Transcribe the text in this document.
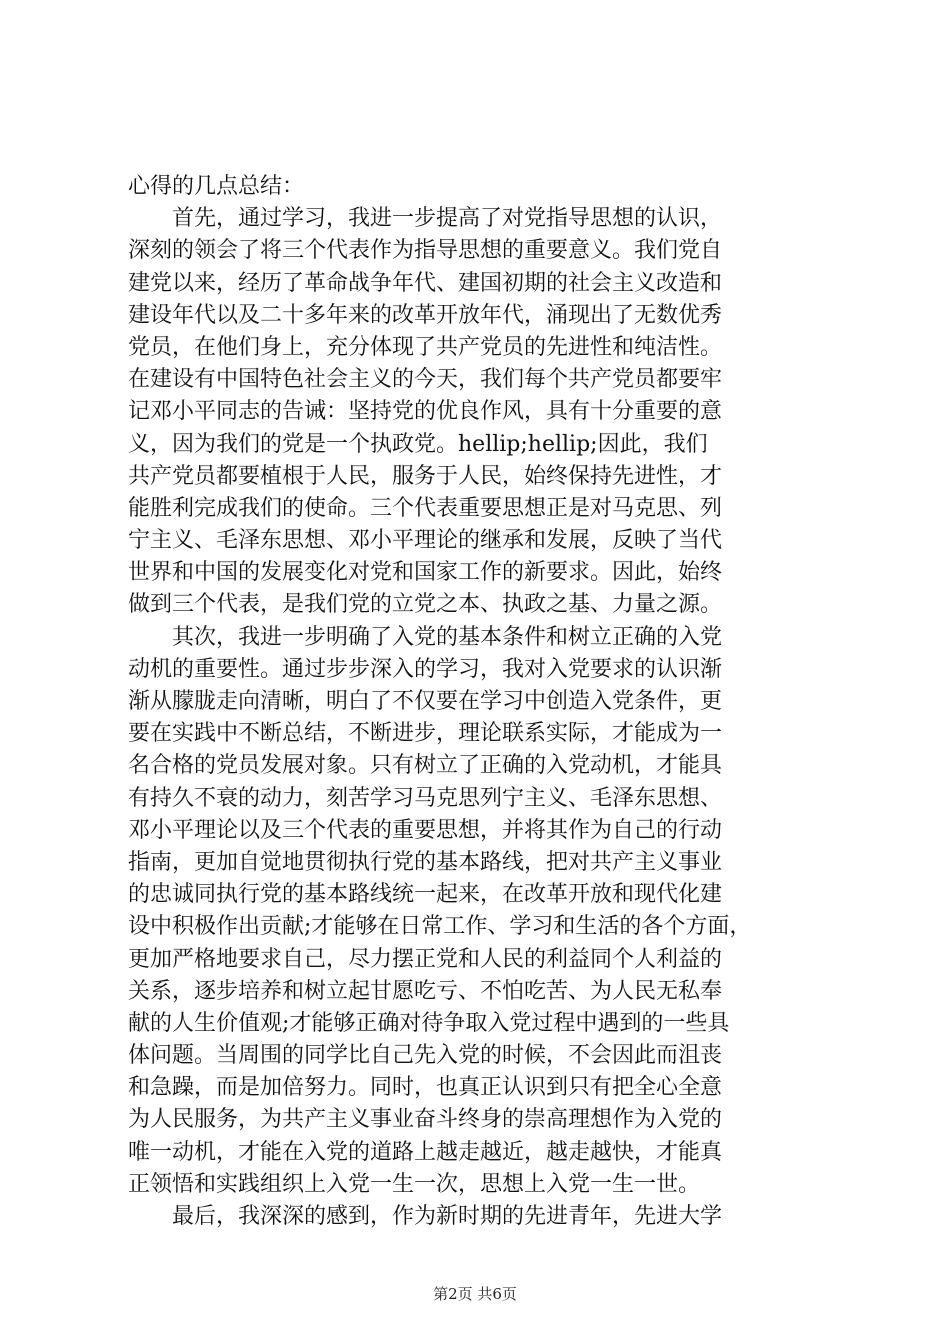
心得的几点总结：
　　首先，通过学习，我进一步提高了对党指导思想的认识，
深刻的领会了将三个代表作为指导思想的重要意义。我们党自
建党以来，经历了革命战争年代、建国初期的社会主义改造和
建设年代以及二十多年来的改革开放年代，涌现出了无数优秀
党员，在他们身上，充分体现了共产党员的先进性和纯洁性。
在建设有中国特色社会主义的今天，我们每个共产党员都要牢
记邓小平同志的告诫：坚持党的优良作风，具有十分重要的意
义，因为我们的党是一个执政党。hellip;hellip;因此，我们
共产党员都要植根于人民，服务于人民，始终保持先进性，才
能胜利完成我们的使命。三个代表重要思想正是对马克思、列
宁主义、毛泽东思想、邓小平理论的继承和发展，反映了当代
世界和中国的发展变化对党和国家工作的新要求。因此，始终
做到三个代表，是我们党的立党之本、执政之基、力量之源。
　　其次，我进一步明确了入党的基本条件和树立正确的入党
动机的重要性。通过步步深入的学习，我对入党要求的认识渐
渐从朦胧走向清晰，明白了不仅要在学习中创造入党条件，更
要在实践中不断总结，不断进步，理论联系实际，才能成为一
名合格的党员发展对象。只有树立了正确的入党动机，才能具
有持久不衰的动力，刻苦学习马克思列宁主义、毛泽东思想、
邓小平理论以及三个代表的重要思想，并将其作为自己的行动
指南，更加自觉地贯彻执行党的基本路线，把对共产主义事业
的忠诚同执行党的基本路线统一起来，在改革开放和现代化建
设中积极作出贡献;才能够在日常工作、学习和生活的各个方面，
更加严格地要求自己，尽力摆正党和人民的利益同个人利益的
关系，逐步培养和树立起甘愿吃亏、不怕吃苦、为人民无私奉
献的人生价值观;才能够正确对待争取入党过程中遇到的一些具
体问题。当周围的同学比自己先入党的时候，不会因此而沮丧
和急躁，而是加倍努力。同时，也真正认识到只有把全心全意
为人民服务，为共产主义事业奋斗终身的崇高理想作为入党的
唯一动机，才能在入党的道路上越走越近，越走越快，才能真
正领悟和实践组织上入党一生一次，思想上入党一生一世。
　　最后，我深深的感到，作为新时期的先进青年，先进大学
第2页 共6页
